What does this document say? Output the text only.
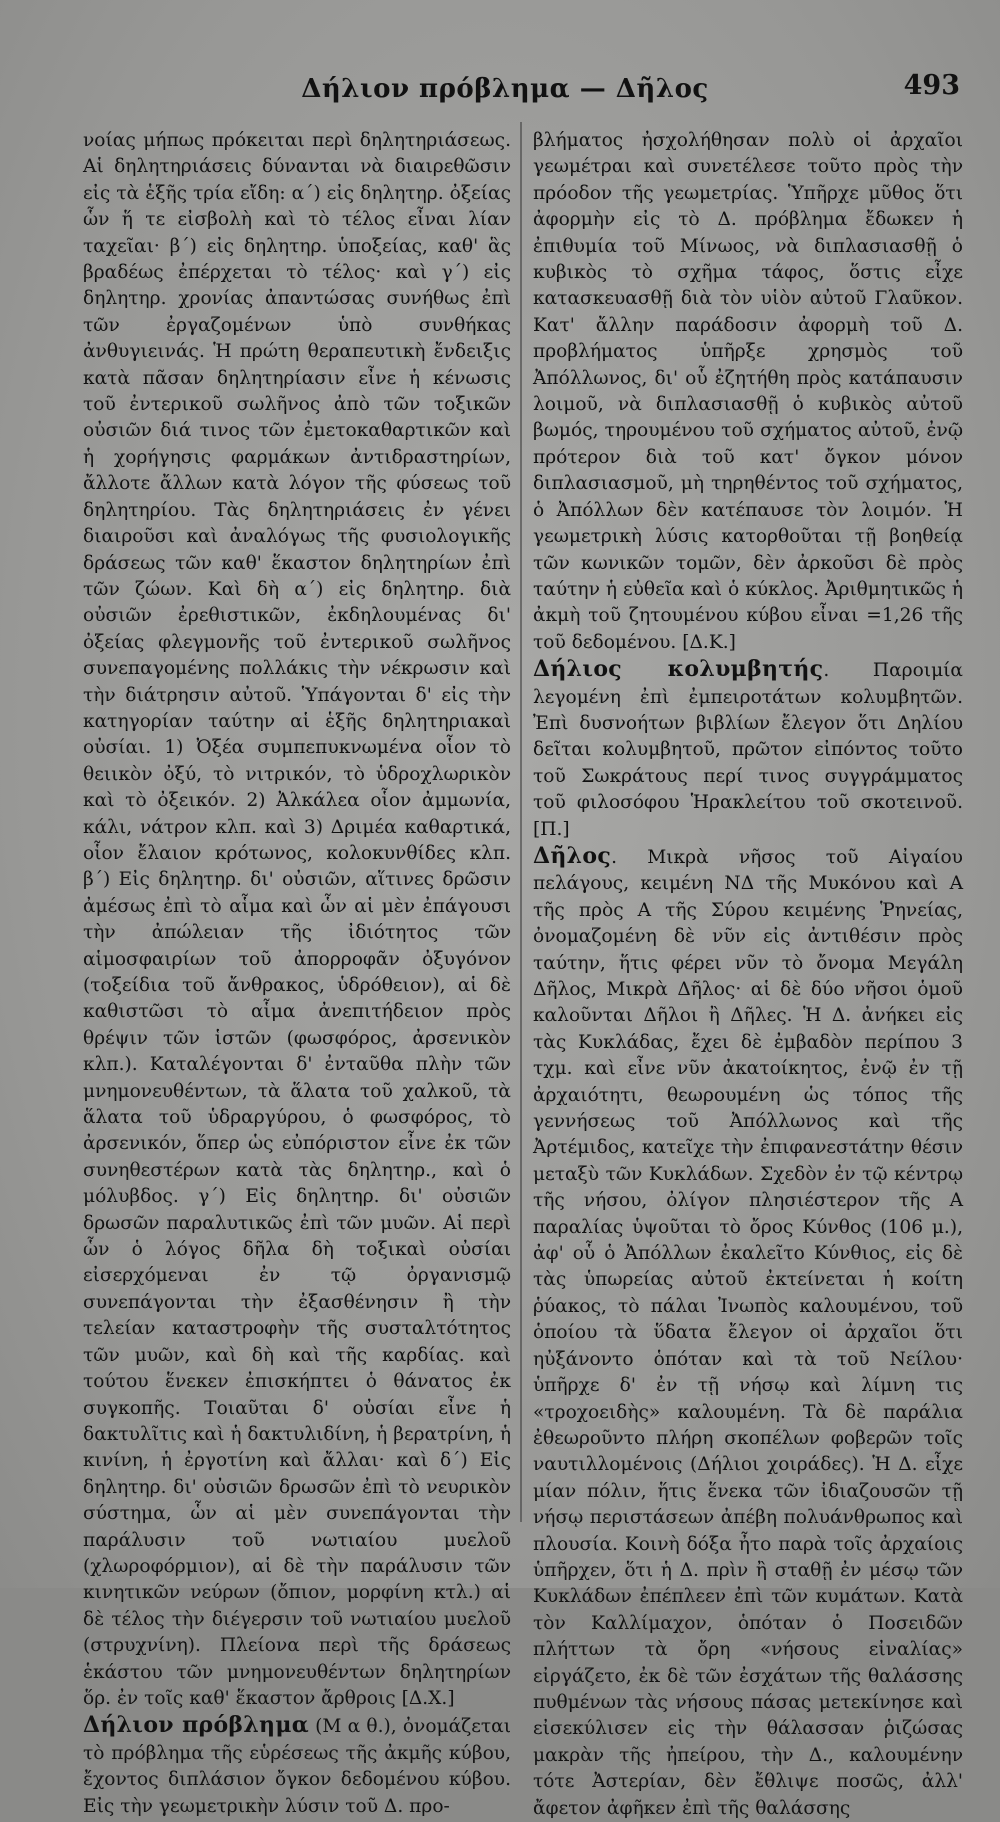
Δήλιον πρόβλημα — Δῆλος	493

νοίας μήπως πρόκειται περὶ δηλητηριάσεως. Αἱ δηλητηριάσεις δύνανται νὰ διαιρεθῶσιν εἰς τὰ ἑξῆς τρία εἴδη: α΄) εἰς δηλητηρ. ὀξείας ὧν ἥ τε εἰσβολὴ καὶ τὸ τέλος εἶναι λίαν ταχεῖαι· β΄) εἰς δηλητηρ. ὑποξείας, καθ' ἃς βραδέως ἐπέρχεται τὸ τέλος· καὶ γ΄) εἰς δηλητηρ. χρονίας ἀπαντώσας συνήθως ἐπὶ τῶν ἐργαζομένων ὑπὸ συνθήκας ἀνθυγιεινάς. Ἡ πρώτη θεραπευτικὴ ἔνδειξις κατὰ πᾶσαν δηλητηρίασιν εἶνε ἡ κένωσις τοῦ ἐντερικοῦ σωλῆνος ἀπὸ τῶν τοξικῶν οὐσιῶν διά τινος τῶν ἐμετοκαθαρτικῶν καὶ ἡ χορήγησις φαρμάκων ἀντιδραστηρίων, ἄλλοτε ἄλλων κατὰ λόγον τῆς φύσεως τοῦ δηλητηρίου. Τὰς δηλητηριάσεις ἐν γένει διαιροῦσι καὶ ἀναλόγως τῆς φυσιολογικῆς δράσεως τῶν καθ' ἕκαστον δηλητηρίων ἐπὶ τῶν ζώων. Καὶ δὴ α΄) εἰς δηλητηρ. διὰ οὐσιῶν ἐρεθιστικῶν, ἐκδηλουμένας δι' ὀξείας φλεγμονῆς τοῦ ἐντερικοῦ σωλῆνος συνεπαγομένης πολλάκις τὴν νέκρωσιν καὶ τὴν διάτρησιν αὐτοῦ. Ὑπάγονται δ' εἰς τὴν κατηγορίαν ταύτην αἱ ἑξῆς δηλητηριακαὶ οὐσίαι. 1) Ὀξέα συμπεπυκνωμένα οἷον τὸ θειικὸν ὀξύ, τὸ νιτρικόν, τὸ ὑδροχλωρικὸν καὶ τὸ ὀξεικόν. 2) Ἀλκάλεα οἷον ἀμμωνία, κάλι, νάτρον κλπ. καὶ 3) Δριμέα καθαρτικά, οἷον ἔλαιον κρότωνος, κολοκυνθίδες κλπ. β΄) Εἰς δηλητηρ. δι' οὐσιῶν, αἵτινες δρῶσιν ἀμέσως ἐπὶ τὸ αἷμα καὶ ὧν αἱ μὲν ἐπάγουσι τὴν ἀπώλειαν τῆς ἰδιότητος τῶν αἱμοσφαιρίων τοῦ ἀπορροφᾶν ὀξυγόνον (τοξείδια τοῦ ἄνθρακος, ὑδρόθειον), αἱ δὲ καθιστῶσι τὸ αἷμα ἀνεπιτήδειον πρὸς θρέψιν τῶν ἱστῶν (φωσφόρος, ἀρσενικὸν κλπ.). Καταλέγονται δ' ἐνταῦθα πλὴν τῶν μνημονευθέντων, τὰ ἅλατα τοῦ χαλκοῦ, τὰ ἅλατα τοῦ ὑδραργύρου, ὁ φωσφόρος, τὸ ἀρσενικόν, ὅπερ ὡς εὐπόριστον εἶνε ἐκ τῶν συνηθεστέρων κατὰ τὰς δηλητηρ., καὶ ὁ μόλυβδος. γ΄) Εἰς δηλητηρ. δι' οὐσιῶν δρωσῶν παραλυτικῶς ἐπὶ τῶν μυῶν. Αἱ περὶ ὧν ὁ λόγος δῆλα δὴ τοξικαὶ οὐσίαι εἰσερχόμεναι ἐν τῷ ὀργανισμῷ συνεπάγονται τὴν ἐξασθένησιν ἢ τὴν τελείαν καταστροφὴν τῆς συσταλτότητος τῶν μυῶν, καὶ δὴ καὶ τῆς καρδίας. καὶ τούτου ἕνεκεν ἐπισκήπτει ὁ θάνατος ἐκ συγκοπῆς. Τοιαῦται δ' οὐσίαι εἶνε ἡ δακτυλῖτις καὶ ἡ δακτυλιδίνη, ἡ βερατρίνη, ἡ κινίνη, ἡ ἐργοτίνη καὶ ἄλλαι· καὶ δ΄) Εἰς δηλητηρ. δι' οὐσιῶν δρωσῶν ἐπὶ τὸ νευρικὸν σύστημα, ὧν αἱ μὲν συνεπάγονται τὴν παράλυσιν τοῦ νωτιαίου μυελοῦ (χλωροφόρμιον), αἱ δὲ τὴν παράλυσιν τῶν κινητικῶν νεύρων (ὄπιον, μορφίνη κτλ.) αἱ δὲ τέλος τὴν διέγερσιν τοῦ νωτιαίου μυελοῦ (στρυχνίνη). Πλείονα περὶ τῆς δράσεως ἑκάστου τῶν μνημονευθέντων δηλητηρίων ὅρ. ἐν τοῖς καθ' ἕκαστον ἄρθροις [Δ.Χ.]

Δήλιον πρόβλημα (Μ α θ.), ὀνομάζεται τὸ πρόβλημα τῆς εὑρέσεως τῆς ἀκμῆς κύβου, ἔχοντος διπλάσιον ὄγκον δεδομένου κύβου. Εἰς τὴν γεωμετρικὴν λύσιν τοῦ Δ. προ-

βλήματος ἠσχολήθησαν πολὺ οἱ ἀρχαῖοι γεωμέτραι καὶ συνετέλεσε τοῦτο πρὸς τὴν πρόοδον τῆς γεωμετρίας. Ὑπῆρχε μῦθος ὅτι ἀφορμὴν εἰς τὸ Δ. πρόβλημα ἔδωκεν ἡ ἐπιθυμία τοῦ Μίνωος, νὰ διπλασιασθῇ ὁ κυβικὸς τὸ σχῆμα τάφος, ὅστις εἶχε κατασκευασθῇ διὰ τὸν υἱὸν αὐτοῦ Γλαῦκον. Κατ' ἄλλην παράδοσιν ἀφορμὴ τοῦ Δ. προβλήματος ὑπῆρξε χρησμὸς τοῦ Ἀπόλλωνος, δι' οὗ ἐζητήθη πρὸς κατάπαυσιν λοιμοῦ, νὰ διπλασιασθῇ ὁ κυβικὸς αὐτοῦ βωμός, τηρουμένου τοῦ σχήματος αὐτοῦ, ἐνῷ πρότερον διὰ τοῦ κατ' ὄγκον μόνον διπλασιασμοῦ, μὴ τηρηθέντος τοῦ σχήματος, ὁ Ἀπόλλων δὲν κατέπαυσε τὸν λοιμόν. Ἡ γεωμετρικὴ λύσις κατορθοῦται τῇ βοηθείᾳ τῶν κωνικῶν τομῶν, δὲν ἀρκοῦσι δὲ πρὸς ταύτην ἡ εὐθεῖα καὶ ὁ κύκλος. Ἀριθμητικῶς ἡ ἀκμὴ τοῦ ζητουμένου κύβου εἶναι =1,26 τῆς τοῦ δεδομένου. [Δ.Κ.]

Δήλιος κολυμβητής. Παροιμία λεγομένη ἐπὶ ἐμπειροτάτων κολυμβητῶν. Ἐπὶ δυσνοήτων βιβλίων ἔλεγον ὅτι Δηλίου δεῖται κολυμβητοῦ, πρῶτον εἰπόντος τοῦτο τοῦ Σωκράτους περί τινος συγγράμματος τοῦ φιλοσόφου Ἡρακλείτου τοῦ σκοτεινοῦ. [Π.]

Δῆλος. Μικρὰ νῆσος τοῦ Αἰγαίου πελάγους, κειμένη ΝΔ τῆς Μυκόνου καὶ Α τῆς πρὸς Α τῆς Σύρου κειμένης Ῥηνείας, ὀνομαζομένη δὲ νῦν εἰς ἀντιθέσιν πρὸς ταύτην, ἥτις φέρει νῦν τὸ ὄνομα Μεγάλη Δῆλος, Μικρὰ Δῆλος· αἱ δὲ δύο νῆσοι ὁμοῦ καλοῦνται Δῆλοι ἢ Δῆλες. Ἡ Δ. ἀνήκει εἰς τὰς Κυκλάδας, ἔχει δὲ ἐμβαδὸν περίπου 3 τχμ. καὶ εἶνε νῦν ἀκατοίκητος, ἐνῷ ἐν τῇ ἀρχαιότητι, θεωρουμένη ὡς τόπος τῆς γεννήσεως τοῦ Ἀπόλλωνος καὶ τῆς Ἀρτέμιδος, κατεῖχε τὴν ἐπιφανεστάτην θέσιν μεταξὺ τῶν Κυκλάδων. Σχεδὸν ἐν τῷ κέντρῳ τῆς νήσου, ὀλίγον πλησιέστερον τῆς Α παραλίας ὑψοῦται τὸ ὄρος Κύνθος (106 μ.), ἀφ' οὗ ὁ Ἀπόλλων ἐκαλεῖτο Κύνθιος, εἰς δὲ τὰς ὑπωρείας αὐτοῦ ἐκτείνεται ἡ κοίτη ῥύακος, τὸ πάλαι Ἰνωπὸς καλουμένου, τοῦ ὁποίου τὰ ὕδατα ἔλεγον οἱ ἀρχαῖοι ὅτι ηὐξάνοντο ὁπόταν καὶ τὰ τοῦ Νείλου· ὑπῆρχε δ' ἐν τῇ νήσῳ καὶ λίμνη τις «τροχοειδὴς» καλουμένη. Τὰ δὲ παράλια ἐθεωροῦντο πλήρη σκοπέλων φοβερῶν τοῖς ναυτιλλομένοις (Δήλιοι χοιράδες). Ἡ Δ. εἶχε μίαν πόλιν, ἥτις ἕνεκα τῶν ἰδιαζουσῶν τῇ νήσῳ περιστάσεων ἀπέβη πολυάνθρωπος καὶ πλουσία. Κοινὴ δόξα ἦτο παρὰ τοῖς ἀρχαίοις ὑπῆρχεν, ὅτι ἡ Δ. πρὶν ἢ σταθῇ ἐν μέσῳ τῶν Κυκλάδων ἐπέπλεεν ἐπὶ τῶν κυμάτων. Κατὰ τὸν Καλλίμαχον, ὁπόταν ὁ Ποσειδῶν πλήττων τὰ ὄρη «νήσους εἰναλίας» εἰργάζετο, ἐκ δὲ τῶν ἐσχάτων τῆς θαλάσσης πυθμένων τὰς νήσους πάσας μετεκίνησε καὶ εἰσεκύλισεν εἰς τὴν θάλασσαν ῥιζώσας μακρὰν τῆς ἠπείρου, τὴν Δ., καλουμένην τότε Ἀστερίαν, δὲν ἔθλιψε ποσῶς, ἀλλ' ἄφετον ἀφῆκεν ἐπὶ τῆς θαλάσσης
